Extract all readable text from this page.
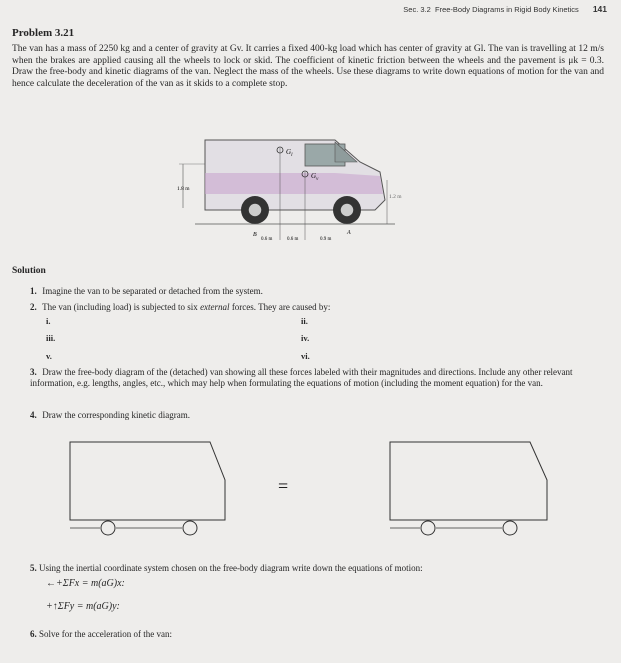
Sec. 3.2 Free-Body Diagrams in Rigid Body Kinetics 141
Problem 3.21
The van has a mass of 2250 kg and a center of gravity at Gv. It carries a fixed 400-kg load which has center of gravity at Gl. The van is travelling at 12 m/s when the brakes are applied causing all the wheels to lock or skid. The coefficient of kinetic friction between the wheels and the pavement is μk = 0.3. Draw the free-body and kinetic diagrams of the van. Neglect the mass of the wheels. Use these diagrams to write down equations of motion for the van and hence calculate the deceleration of the van as it skids to a complete stop.
$G_l$
$G_v$
1.8 m
1.2 m
B
0.6 m	0.6 m	0.9 m
A
Solution
1. Imagine the van to be separated or detached from the system.
2. The van (including load) is subjected to six external forces. They are caused by:
i.	ii.
iii.	iv.
v.	vi.
3. Draw the free-body diagram of the (detached) van showing all these forces labeled with their magnitudes and directions. Include any other relevant information, e.g. lengths, angles, etc., which may help when formulating the equations of motion (including the moment equation) for the van.
4. Draw the corresponding kinetic diagram.
=
5. Using the inertial coordinate system chosen on the free-body diagram write down the equations of motion:
←+ΣFx = m(aG)x:
+↑ΣFy = m(aG)y:
6. Solve for the acceleration of the van:
